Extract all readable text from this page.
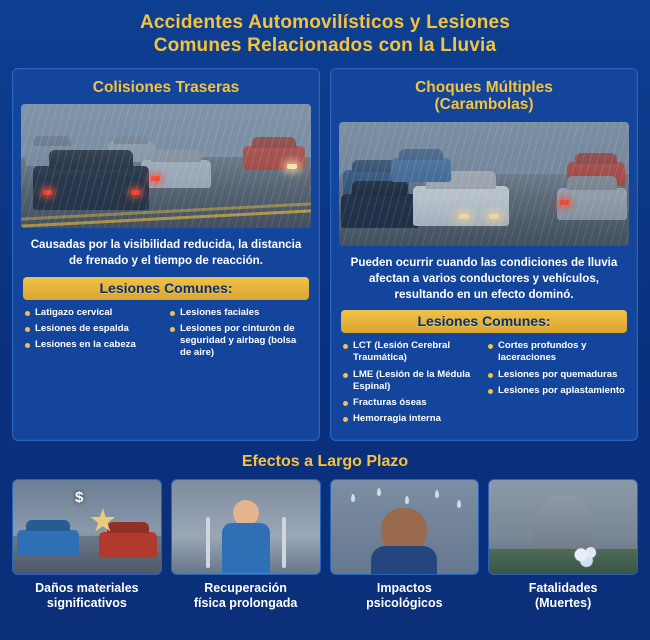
Accidentes Automovilísticos y Lesiones
Comunes Relacionados con la Lluvia
Colisiones Traseras
Causadas por la visibilidad reducida, la distancia de frenado y el tiempo de reacción.
Lesiones Comunes:
Latigazo cervical
Lesiones de espalda
Lesiones en la cabeza
Lesiones faciales
Lesiones por cinturón de seguridad y airbag (bolsa de aire)
Choques Múltiples
(Carambolas)
Pueden ocurrir cuando las condiciones de lluvia afectan a varios conductores y vehículos, resultando en un efecto dominó.
Lesiones Comunes:
LCT (Lesión Cerebral Traumática)
LME (Lesión de la Médula Espinal)
Fracturas óseas
Hemorragia interna
Cortes profundos y laceraciones
Lesiones por quemaduras
Lesiones por aplastamiento
Efectos a Largo Plazo
$
Daños materiales
significativos
Recuperación
física prolongada
Impactos
psicológicos
Fatalidades
(Muertes)
